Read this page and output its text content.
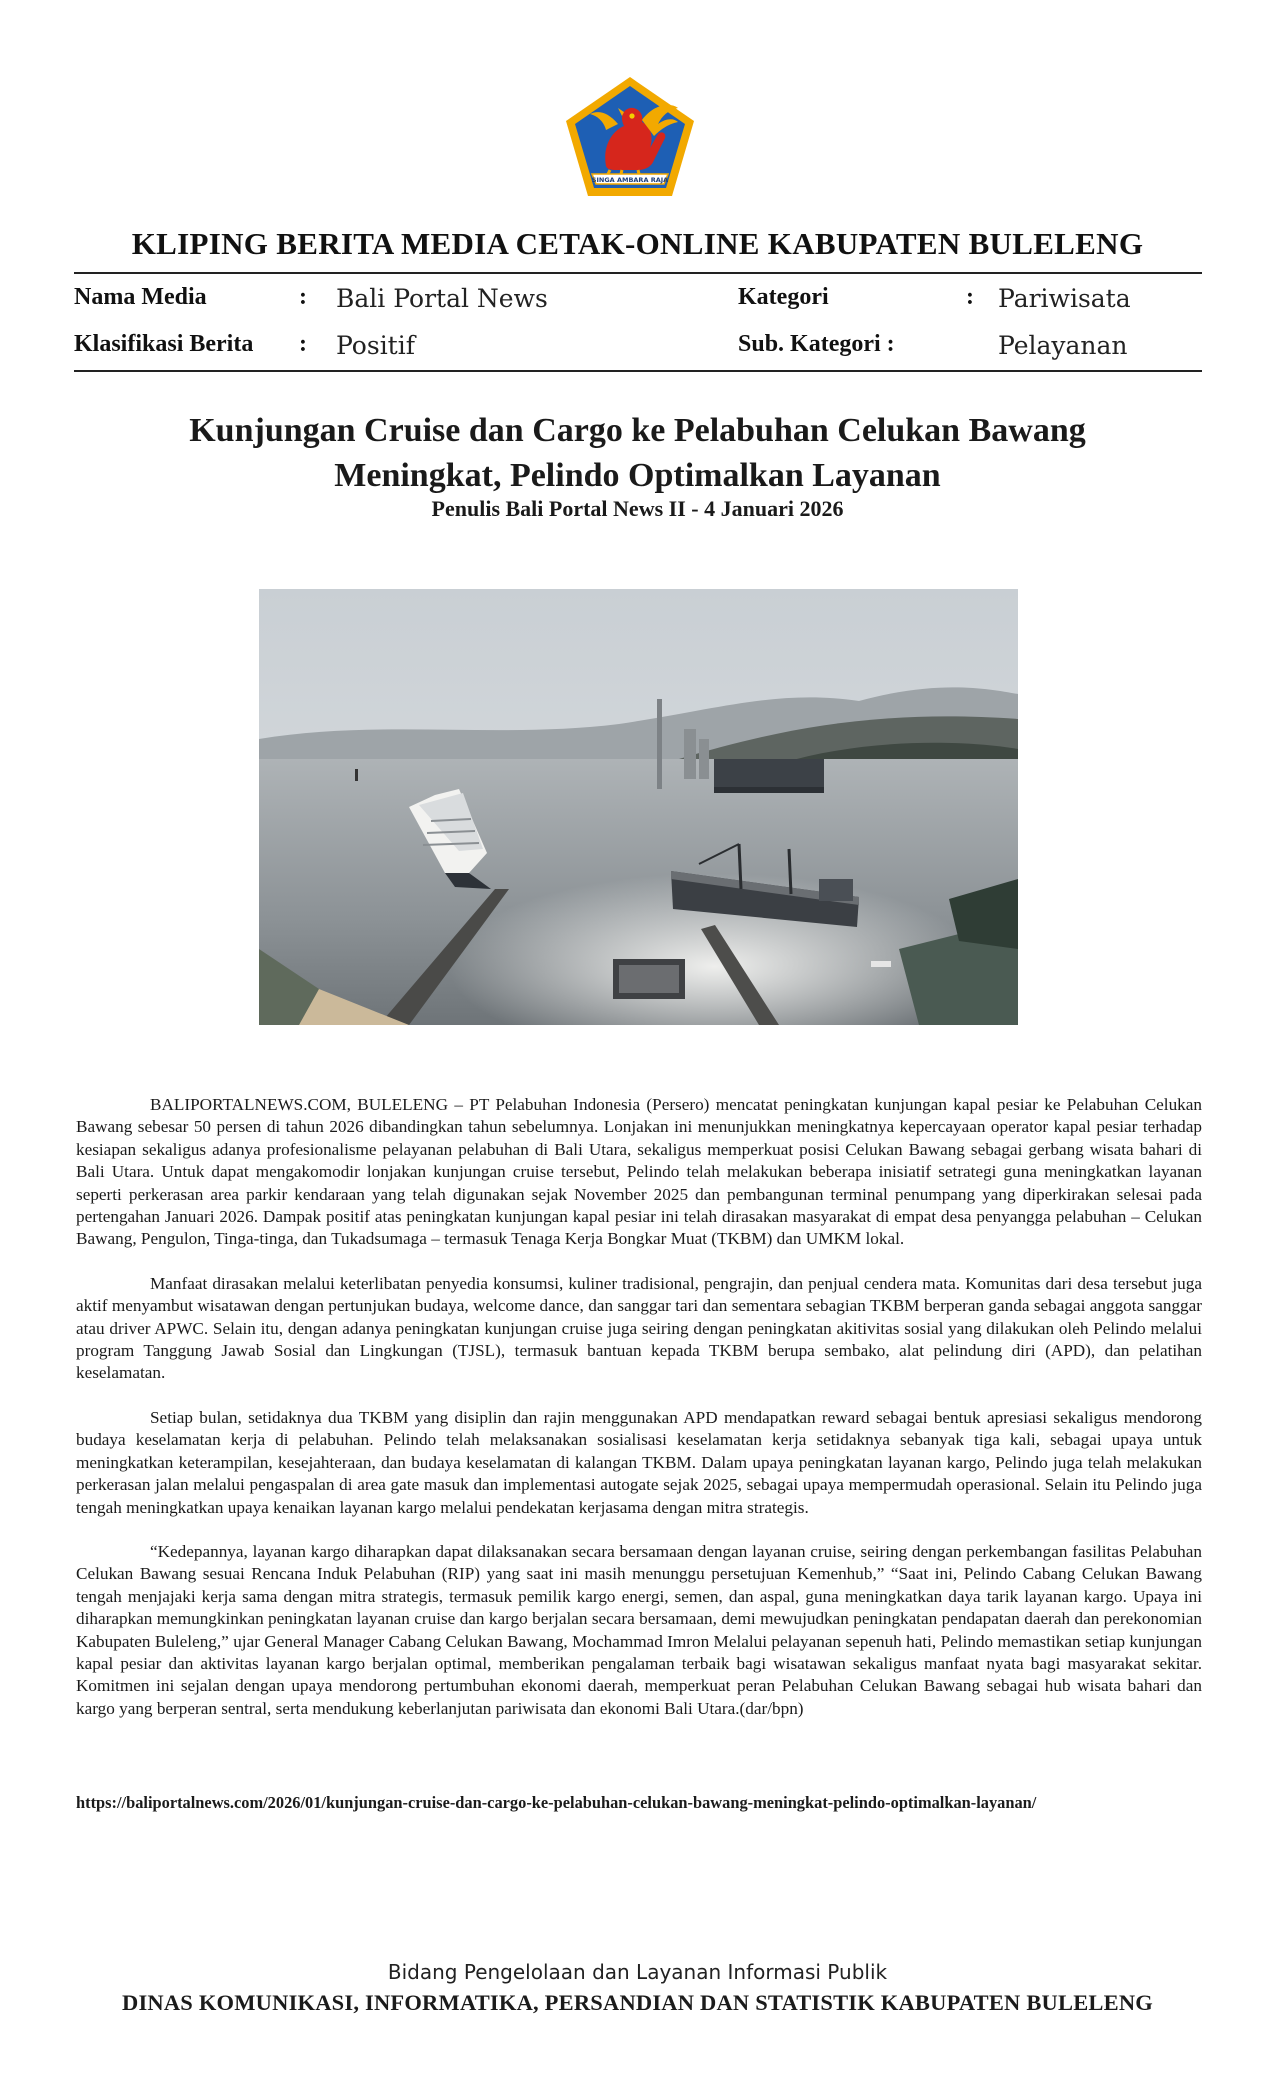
SINGA AMBARA RAJA
KLIPING BERITA MEDIA CETAK-ONLINE KABUPATEN BULELENG
Nama Media	: Bali Portal News	Kategori	: Pariwisata
Klasifikasi Berita : Positif	Sub. Kategori :	Pelayanan
Kunjungan Cruise dan Cargo ke Pelabuhan Celukan Bawang
Meningkat, Pelindo Optimalkan Layanan
Penulis Bali Portal News II - 4 Januari 2026

BALIPORTALNEWS.COM, BULELENG – PT Pelabuhan Indonesia (Persero) mencatat peningkatan kunjungan kapal pesiar ke Pelabuhan Celukan Bawang sebesar 50 persen di tahun 2026 dibandingkan tahun sebelumnya. Lonjakan ini menunjukkan meningkatnya kepercayaan operator kapal pesiar terhadap kesiapan sekaligus adanya profesionalisme pelayanan pelabuhan di Bali Utara, sekaligus memperkuat posisi Celukan Bawang sebagai gerbang wisata bahari di Bali Utara. Untuk dapat mengakomodir lonjakan kunjungan cruise tersebut, Pelindo telah melakukan beberapa inisiatif setrategi guna meningkatkan layanan seperti perkerasan area parkir kendaraan yang telah digunakan sejak November 2025 dan pembangunan terminal penumpang yang diperkirakan selesai pada pertengahan Januari 2026. Dampak positif atas peningkatan kunjungan kapal pesiar ini telah dirasakan masyarakat di empat desa penyangga pelabuhan – Celukan Bawang, Pengulon, Tinga-tinga, dan Tukadsumaga – termasuk Tenaga Kerja Bongkar Muat (TKBM) dan UMKM lokal.

Manfaat dirasakan melalui keterlibatan penyedia konsumsi, kuliner tradisional, pengrajin, dan penjual cendera mata. Komunitas dari desa tersebut juga aktif menyambut wisatawan dengan pertunjukan budaya, welcome dance, dan sanggar tari dan sementara sebagian TKBM berperan ganda sebagai anggota sanggar atau driver APWC. Selain itu, dengan adanya peningkatan kunjungan cruise juga seiring dengan peningkatan akitivitas sosial yang dilakukan oleh Pelindo melalui program Tanggung Jawab Sosial dan Lingkungan (TJSL), termasuk bantuan kepada TKBM berupa sembako, alat pelindung diri (APD), dan pelatihan keselamatan.

Setiap bulan, setidaknya dua TKBM yang disiplin dan rajin menggunakan APD mendapatkan reward sebagai bentuk apresiasi sekaligus mendorong budaya keselamatan kerja di pelabuhan. Pelindo telah melaksanakan sosialisasi keselamatan kerja setidaknya sebanyak tiga kali, sebagai upaya untuk meningkatkan keterampilan, kesejahteraan, dan budaya keselamatan di kalangan TKBM. Dalam upaya peningkatan layanan kargo, Pelindo juga telah melakukan perkerasan jalan melalui pengaspalan di area gate masuk dan implementasi autogate sejak 2025, sebagai upaya mempermudah operasional. Selain itu Pelindo juga tengah meningkatkan upaya kenaikan layanan kargo melalui pendekatan kerjasama dengan mitra strategis.

“Kedepannya, layanan kargo diharapkan dapat dilaksanakan secara bersamaan dengan layanan cruise, seiring dengan perkembangan fasilitas Pelabuhan Celukan Bawang sesuai Rencana Induk Pelabuhan (RIP) yang saat ini masih menunggu persetujuan Kemenhub,” “Saat ini, Pelindo Cabang Celukan Bawang tengah menjajaki kerja sama dengan mitra strategis, termasuk pemilik kargo energi, semen, dan aspal, guna meningkatkan daya tarik layanan kargo. Upaya ini diharapkan memungkinkan peningkatan layanan cruise dan kargo berjalan secara bersamaan, demi mewujudkan peningkatan pendapatan daerah dan perekonomian Kabupaten Buleleng,” ujar General Manager Cabang Celukan Bawang, Mochammad Imron Melalui pelayanan sepenuh hati, Pelindo memastikan setiap kunjungan kapal pesiar dan aktivitas layanan kargo berjalan optimal, memberikan pengalaman terbaik bagi wisatawan sekaligus manfaat nyata bagi masyarakat sekitar. Komitmen ini sejalan dengan upaya mendorong pertumbuhan ekonomi daerah, memperkuat peran Pelabuhan Celukan Bawang sebagai hub wisata bahari dan kargo yang berperan sentral, serta mendukung keberlanjutan pariwisata dan ekonomi Bali Utara.(dar/bpn)

https://baliportalnews.com/2026/01/kunjungan-cruise-dan-cargo-ke-pelabuhan-celukan-bawang-meningkat-pelindo-optimalkan-layanan/
Bidang Pengelolaan dan Layanan Informasi Publik
DINAS KOMUNIKASI, INFORMATIKA, PERSANDIAN DAN STATISTIK KABUPATEN BULELENG
